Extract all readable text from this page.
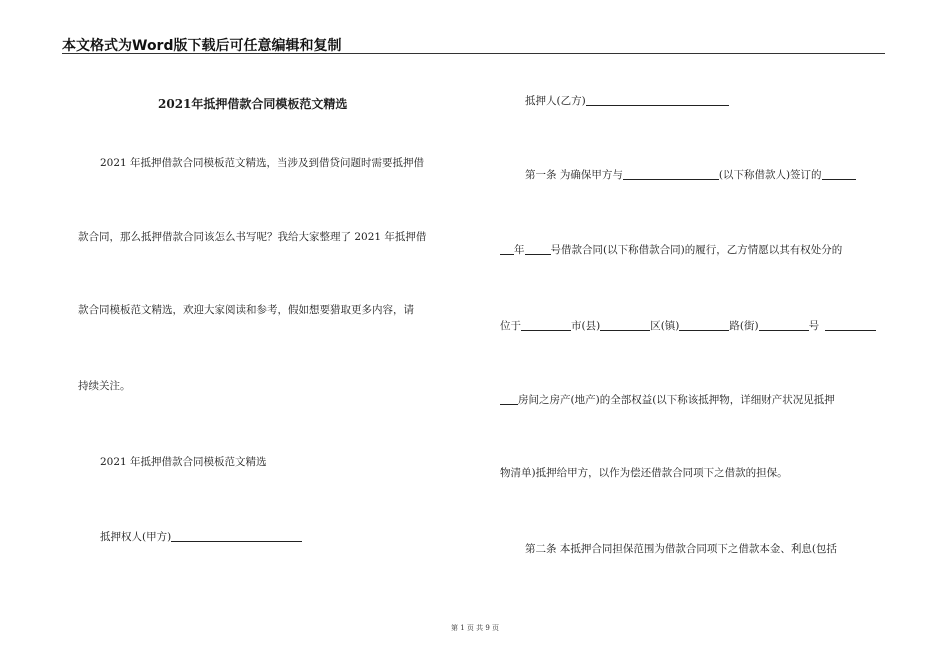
本文格式为Word版下载后可任意编辑和复制
2021年抵押借款合同模板范文精选

2021 年抵押借款合同模板范文精选，当涉及到借贷问题时需要抵押借

款合同，那么抵押借款合同该怎么书写呢？我给大家整理了 2021 年抵押借

款合同模板范文精选，欢迎大家阅读和参考，假如想要猎取更多内容，请

持续关注。

2021 年抵押借款合同模板范文精选

抵押权人(甲方)

抵押人(乙方)

第一条 为确保甲方与	(以下称借款人)签订的

年 号借款合同(以下称借款合同)的履行，乙方情愿以其有权处分的

位于	市(县)	区(镇)	路(街)	号

房间之房产(地产)的全部权益(以下称该抵押物，详细财产状况见抵押

物清单)抵押给甲方，以作为偿还借款合同项下之借款的担保。

第二条 本抵押合同担保范围为借款合同项下之借款本金、利息(包括

第 1 页 共 9 页
